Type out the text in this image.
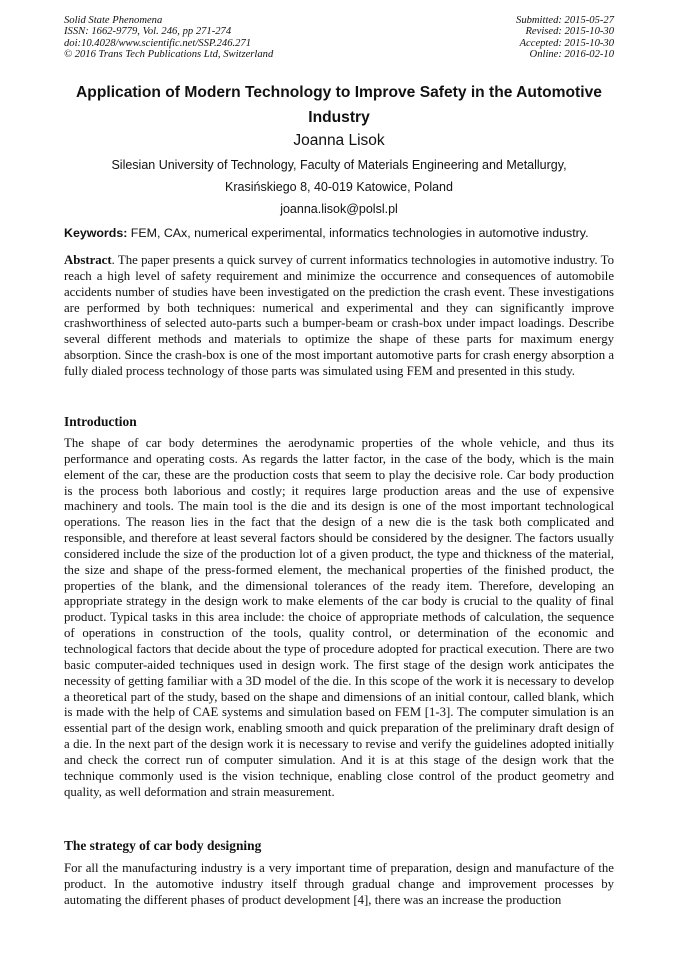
Solid State Phenomena
ISSN: 1662-9779, Vol. 246, pp 271-274
doi:10.4028/www.scientific.net/SSP.246.271
© 2016 Trans Tech Publications Ltd, Switzerland
Submitted: 2015-05-27
Revised: 2015-10-30
Accepted: 2015-10-30
Online: 2016-02-10
Application of Modern Technology to Improve Safety in the Automotive
Industry
Joanna Lisok
Silesian University of Technology, Faculty of Materials Engineering and Metallurgy,
Krasińskiego 8, 40-019 Katowice, Poland
joanna.lisok@polsl.pl
Keywords: FEM, CAx, numerical experimental, informatics technologies in automotive industry.
Abstract. The paper presents a quick survey of current informatics technologies in automotive industry. To reach a high level of safety requirement and minimize the occurrence and consequences of automobile accidents number of studies have been investigated on the prediction the crash event. These investigations are performed by both techniques: numerical and experimental and they can significantly improve crashworthiness of selected auto-parts such a bumper-beam or crash-box under impact loadings. Describe several different methods and materials to optimize the shape of these parts for maximum energy absorption. Since the crash-box is one of the most important automotive parts for crash energy absorption a fully dialed process technology of those parts was simulated using FEM and presented in this study.
Introduction
The shape of car body determines the aerodynamic properties of the whole vehicle, and thus its performance and operating costs. As regards the latter factor, in the case of the body, which is the main element of the car, these are the production costs that seem to play the decisive role. Car body production is the process both laborious and costly; it requires large production areas and the use of expensive machinery and tools. The main tool is the die and its design is one of the most important technological operations. The reason lies in the fact that the design of a new die is the task both complicated and responsible, and therefore at least several factors should be considered by the designer. The factors usually considered include the size of the production lot of a given product, the type and thickness of the material, the size and shape of the press-formed element, the mechanical properties of the finished product, the properties of the blank, and the dimensional tolerances of the ready item. Therefore, developing an appropriate strategy in the design work to make elements of the car body is crucial to the quality of final product. Typical tasks in this area include: the choice of appropriate methods of calculation, the sequence of operations in construction of the tools, quality control, or determination of the economic and technological factors that decide about the type of procedure adopted for practical execution. There are two basic computer-aided techniques used in design work. The first stage of the design work anticipates the necessity of getting familiar with a 3D model of the die. In this scope of the work it is necessary to develop a theoretical part of the study, based on the shape and dimensions of an initial contour, called blank, which is made with the help of CAE systems and simulation based on FEM [1-3]. The computer simulation is an essential part of the design work, enabling smooth and quick preparation of the preliminary draft design of a die. In the next part of the design work it is necessary to revise and verify the guidelines adopted initially and check the correct run of computer simulation. And it is at this stage of the design work that the technique commonly used is the vision technique, enabling close control of the product geometry and quality, as well deformation and strain measurement.
The strategy of car body designing
For all the manufacturing industry is a very important time of preparation, design and manufacture of the product. In the automotive industry itself through gradual change and improvement processes by automating the different phases of product development [4], there was an increase the production
